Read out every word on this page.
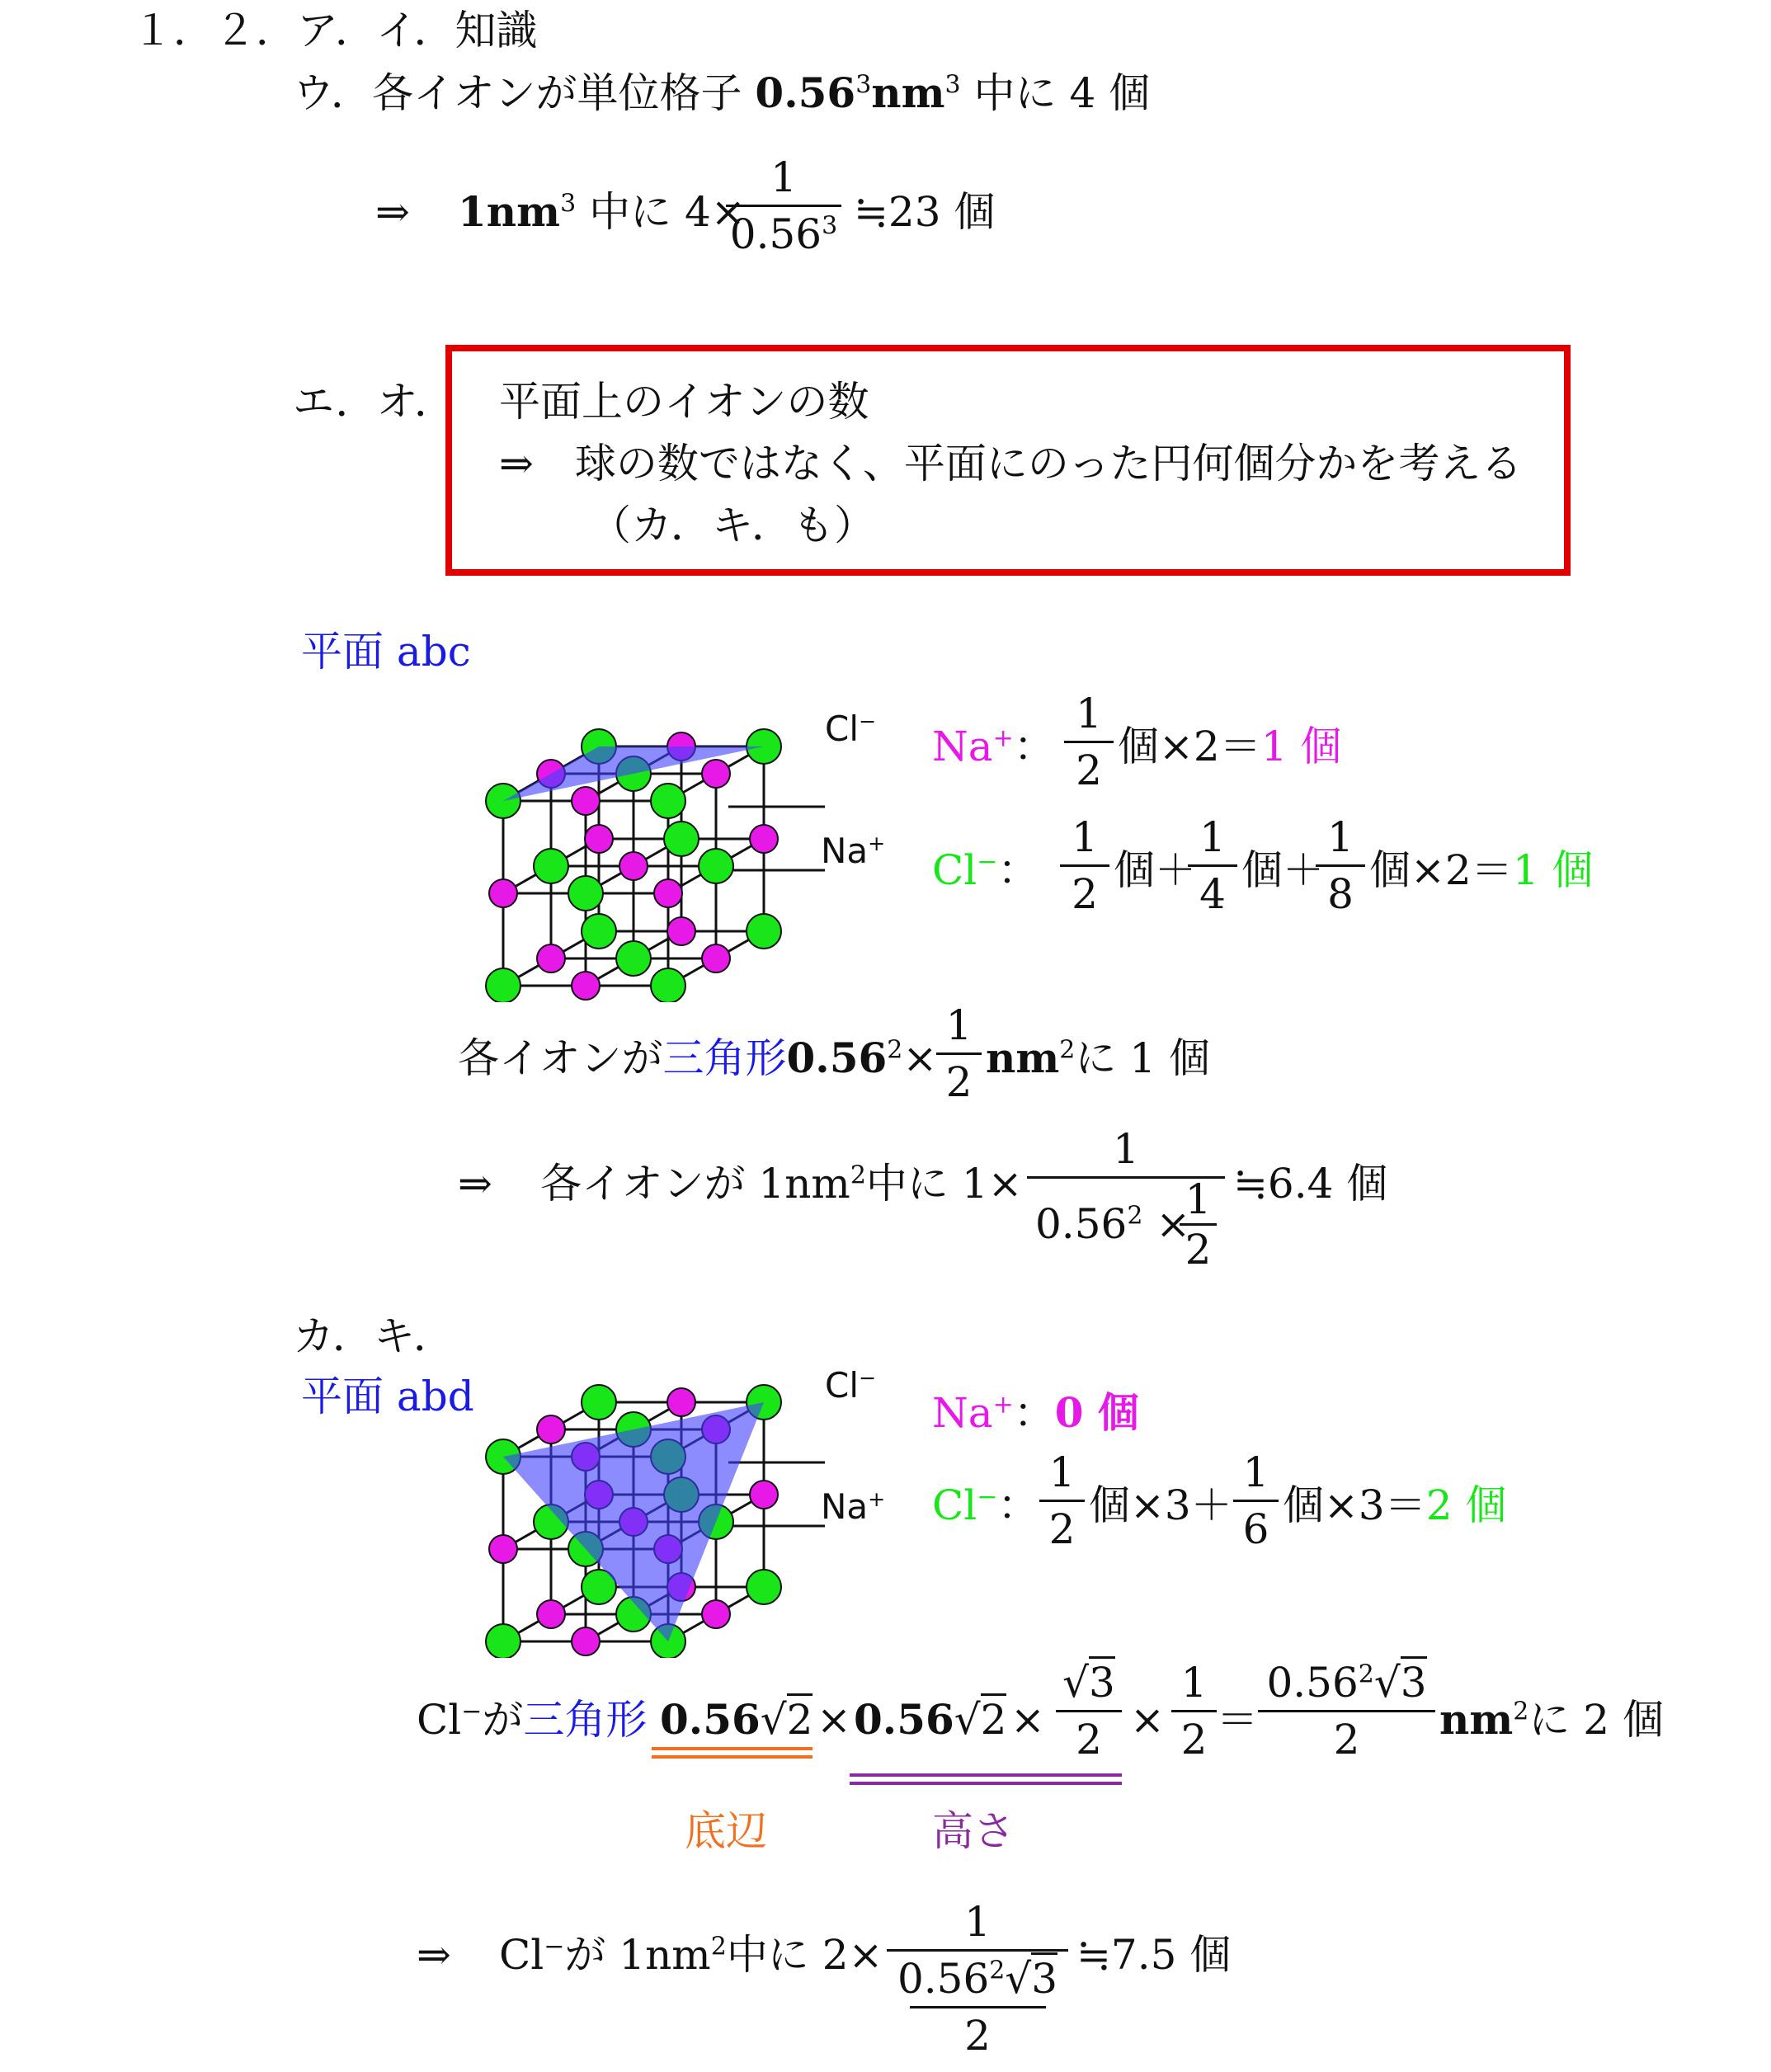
１．２．ア．イ．知識
ウ．各イオンが単位格子 $0.56^3nm^3$ 中に 4 個
⇒ $1nm^3$ 中に 4×
1
0.56$^3$ ≒23 個
エ．オ． 平面上のイオンの数
⇒ 球の数ではなく、平面にのった円何個分かを考える
（カ．キ．も）
平面 abc
Cl−
Na+
Na+：
1
2 個×2＝1 個
Cl−：
1
2 個＋
1
4 個＋
1
8 個×2＝1 個
各イオンが三角形$0.56^2\times$
1
2 $nm^2$に 1 個
⇒ 各イオンが $1nm^2$中に 1×
1
$0.56^2$ ×
1
2
≒6.4 個
カ．キ．
平面 abd	Cl−
Na+
Na+：0 個
Cl−：
1
2 個×3＋
1
6 個×3＝2 個
Cl−が三角形 0.56√2 × 0.56√2 ×
√3
2 ×
1
2 ＝
$0.56^2√3$
2	$nm^2$に 2 個
底辺	高さ
⇒ Cl−が $1nm^2$中に 2×
1
0.56$^2$√3
2
≒7.5 個
